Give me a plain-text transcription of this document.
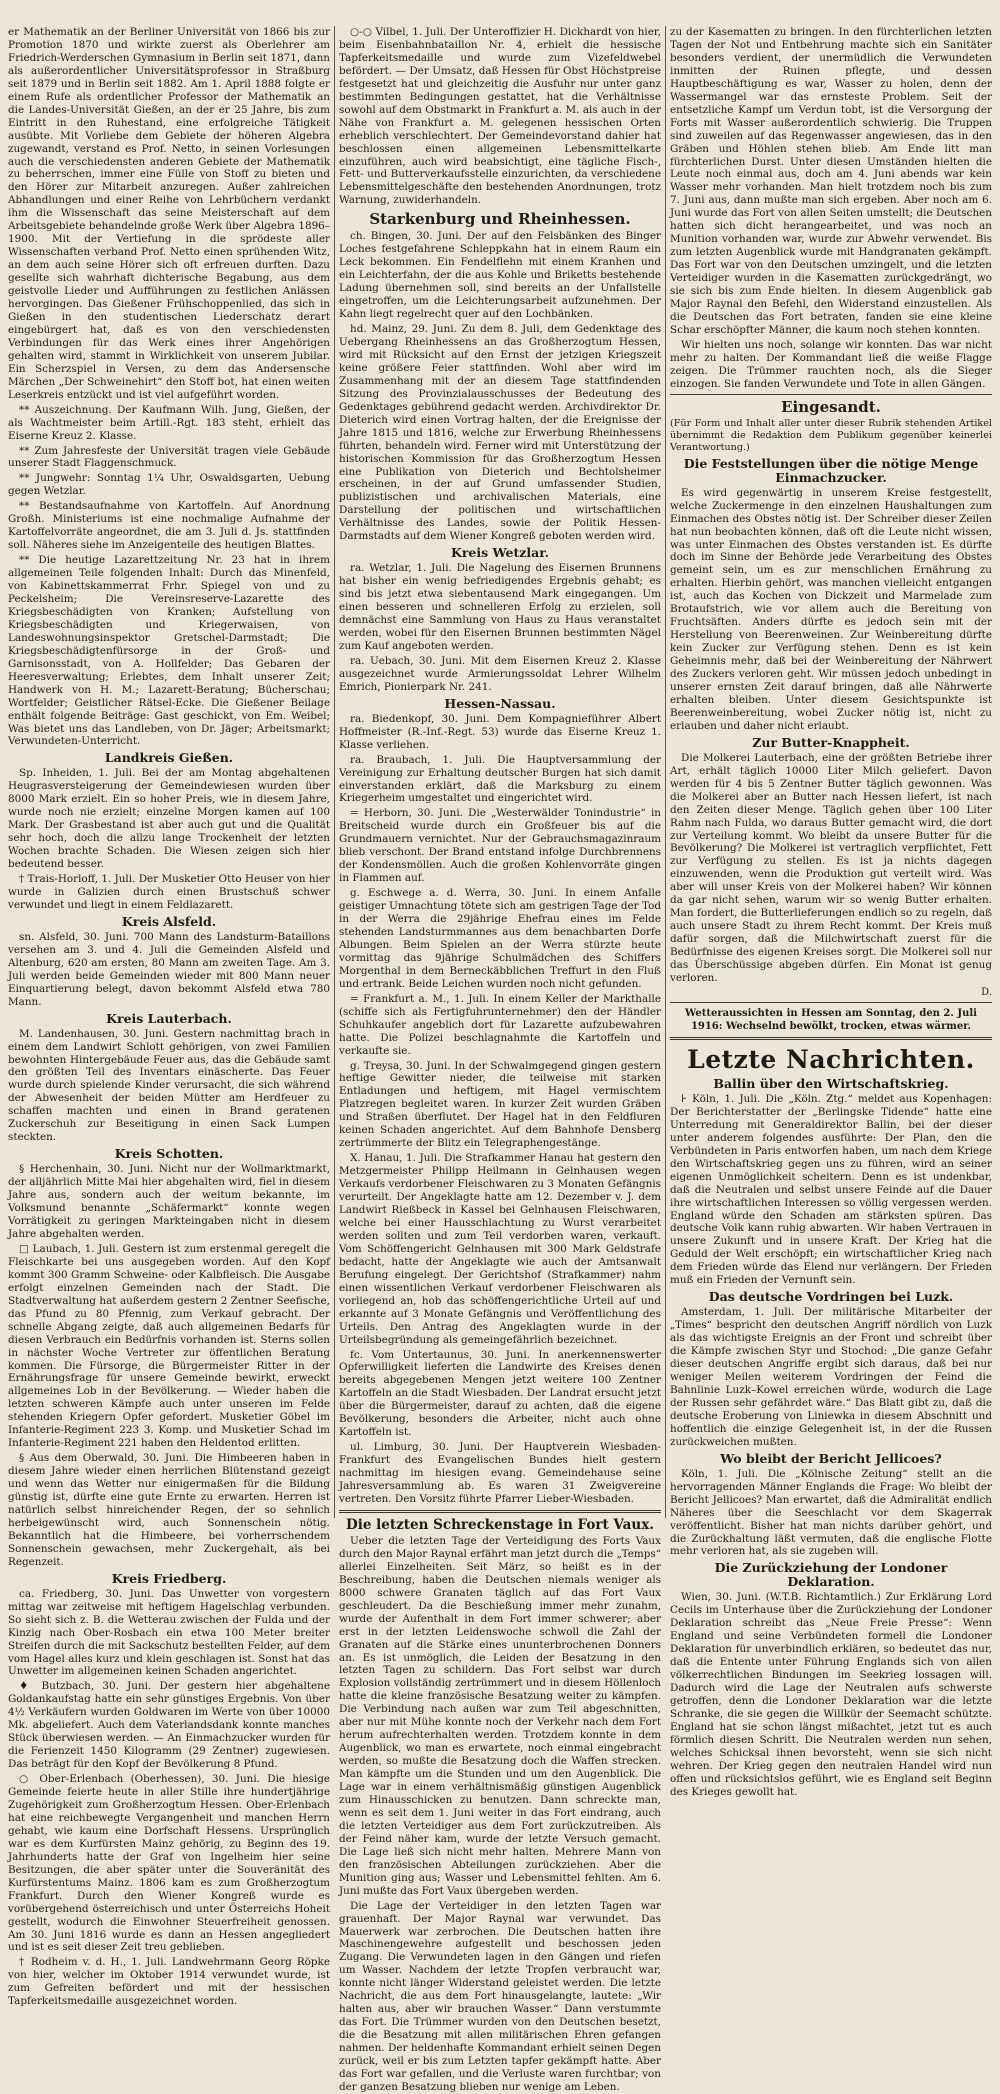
er Mathematik an der Berliner Universität von 1866 bis zur Promotion 1870 und wirkte zuerst als Oberlehrer am Friedrich-Werderschen Gymnasium in Berlin seit 1871, dann als außerordentlicher Universitätsprofessor in Straßburg seit 1879 und in Berlin seit 1882. Am 1. April 1888 folgte er einem Rufe als ordentlicher Professor der Mathematik an die Landes-Universität Gießen, an der er 25 Jahre, bis zum Eintritt in den Ruhestand, eine erfolgreiche Tätigkeit ausübte. Mit Vorliebe dem Gebiete der höheren Algebra zugewandt, verstand es Prof. Netto, in seinen Vorlesungen auch die verschiedensten anderen Gebiete der Mathematik zu beherrschen, immer eine Fülle von Stoff zu bieten und den Hörer zur Mitarbeit anzuregen. Außer zahlreichen Abhandlungen und einer Reihe von Lehrbüchern verdankt ihm die Wissenschaft das seine Meisterschaft auf dem Arbeitsgebiete behandelnde große Werk über Algebra 1896–1900. Mit der Vertiefung in die sprödeste aller Wissenschaften verband Prof. Netto einen sprühenden Witz, an dem auch seine Hörer sich oft erfreuen durften. Dazu gesellte sich wahrhaft dichterische Begabung, aus dem geistvolle Lieder und Aufführungen zu festlichen Anlässen hervorgingen. Das Gießener Frühschoppenlied, das sich in Gießen in den studentischen Liederschatz derart eingebürgert hat, daß es von den verschiedensten Verbindungen für das Werk eines ihrer Angehörigen gehalten wird, stammt in Wirklichkeit von unserem Jubilar. Ein Scherzspiel in Versen, zu dem das Andersensche Märchen „Der Schweinehirt“ den Stoff bot, hat einen weiten Leserkreis entzückt und ist viel aufgeführt worden.

** Auszeichnung. Der Kaufmann Wilh. Jung, Gießen, der als Wachtmeister beim Artill.-Rgt. 183 steht, erhielt das Eiserne Kreuz 2. Klasse.

** Zum Jahresfeste der Universität tragen viele Gebäude unserer Stadt Flaggenschmuck.

** Jungwehr: Sonntag 1¼ Uhr, Oswaldsgarten, Uebung gegen Wetzlar.

** Bestandsaufnahme von Kartoffeln. Auf Anordnung Großh. Ministeriums ist eine nochmalige Aufnahme der Kartoffelvorräte angeordnet, die am 3. Juli d. Js. stattfinden soll. Näheres siehe im Anzeigenteile des heutigen Blattes.

** Die heutige Lazarettzeitung Nr. 23 hat in ihrem allgemeinen Teile folgenden Inhalt: Durch das Minenfeld, von Kabinettskammerrat Frhr. Spiegel von und zu Peckelsheim; Die Vereinsreserve-Lazarette des Kriegsbeschädigten von Kranken; Aufstellung von Kriegsbeschädigten und Kriegerwaisen, von Landeswohnungsinspektor Gretschel-Darmstadt; Die Kriegsbeschädigtenfürsorge in der Groß- und Garnisonsstadt, von A. Hollfelder; Das Gebaren der Heeresverwaltung; Erlebtes, dem Inhalt unserer Zeit; Handwerk von H. M.; Lazarett-Beratung; Bücherschau; Wortfelder; Geistlicher Rätsel-Ecke. Die Gießener Beilage enthält folgende Beiträge: Gast geschickt, von Em. Weibel; Was bietet uns das Landleben, von Dr. Jäger; Arbeitsmarkt; Verwundeten-Unterricht.

Landkreis Gießen.

Sp. Inheiden, 1. Juli. Bei der am Montag abgehaltenen Heugrasversteigerung der Gemeindewiesen wurden über 8000 Mark erzielt. Ein so hoher Preis, wie in diesem Jahre, wurde noch nie erzielt; einzelne Morgen kamen auf 100 Mark. Der Grasbestand ist aber auch gut und die Qualität sehr hoch, doch die allzu lange Trockenheit der letzten Wochen brachte Schaden. Die Wiesen zeigen sich hier bedeutend besser.

† Trais-Horloff, 1. Juli. Der Musketier Otto Heuser von hier wurde in Galizien durch einen Brustschuß schwer verwundet und liegt in einem Feldlazarett.

Kreis Alsfeld.

sn. Alsfeld, 30. Juni. 700 Mann des Landsturm-Bataillons versehen am 3. und 4. Juli die Gemeinden Alsfeld und Altenburg, 620 am ersten, 80 Mann am zweiten Tage. Am 3. Juli werden beide Gemeinden wieder mit 800 Mann neuer Einquartierung belegt, davon bekommt Alsfeld etwa 780 Mann.

Kreis Lauterbach.

M. Landenhausen, 30. Juni. Gestern nachmittag brach in einem dem Landwirt Schlott gehörigen, von zwei Familien bewohnten Hintergebäude Feuer aus, das die Gebäude samt den größten Teil des Inventars einäscherte. Das Feuer wurde durch spielende Kinder verursacht, die sich während der Abwesenheit der beiden Mütter am Herdfeuer zu schaffen machten und einen in Brand geratenen Zuckerschuh zur Beseitigung in einen Sack Lumpen steckten.

Kreis Schotten.

§ Herchenhain, 30. Juni. Nicht nur der Wollmarktmarkt, der alljährlich Mitte Mai hier abgehalten wird, fiel in diesem Jahre aus, sondern auch der weitum bekannte, im Volksmund benannte „Schäfermarkt“ konnte wegen Vorrätigkeit zu geringen Markteingaben nicht in diesem Jahre abgehalten werden.

□ Laubach, 1. Juli. Gestern ist zum erstenmal geregelt die Fleischkarte bei uns ausgegeben worden. Auf den Kopf kommt 300 Gramm Schweine- oder Kalbfleisch. Die Ausgabe erfolgt einzelnen Gemeinden nach der Stadt. Die Stadtverwaltung hat außerdem gestern 2 Zentner Seefische, das Pfund zu 80 Pfennig, zum Verkauf gebracht. Der schnelle Abgang zeigte, daß auch allgemeinen Bedarfs für diesen Verbrauch ein Bedürfnis vorhanden ist. Sterns sollen in nächster Woche Vertreter zur öffentlichen Beratung kommen. Die Fürsorge, die Bürgermeister Ritter in der Ernährungsfrage für unsere Gemeinde bewirkt, erweckt allgemeines Lob in der Bevölkerung. — Wieder haben die letzten schweren Kämpfe auch unter unseren im Felde stehenden Kriegern Opfer gefordert. Musketier Göbel im Infanterie-Regiment 223 3. Komp. und Musketier Schad im Infanterie-Regiment 221 haben den Heldentod erlitten.

§ Aus dem Oberwald, 30. Juni. Die Himbeeren haben in diesem Jahre wieder einen herrlichen Blütenstand gezeigt und wenn das Wetter nur einigermaßen für die Bildung günstig ist, dürfte eine gute Ernte zu erwarten. Herren ist natürlich selbst hinreichender Regen, der so sehnlich herbeigewünscht wird, auch Sonnenschein nötig. Bekanntlich hat die Himbeere, bei vorherrschendem Sonnenschein gewachsen, mehr Zuckergehalt, als bei Regenzeit.

Kreis Friedberg.

ca. Friedberg, 30. Juni. Das Unwetter von vorgestern mittag war zeitweise mit heftigem Hagelschlag verbunden. So sieht sich z. B. die Wetterau zwischen der Fulda und der Kinzig nach Ober-Rosbach ein etwa 100 Meter breiter Streifen durch die mit Sackschutz bestellten Felder, auf dem vom Hagel alles kurz und klein geschlagen ist. Sonst hat das Unwetter im allgemeinen keinen Schaden angerichtet.

♦ Butzbach, 30. Juni. Der gestern hier abgehaltene Goldankaufstag hatte ein sehr günstiges Ergebnis. Von über 4½ Verkäufern wurden Goldwaren im Werte von über 10000 Mk. abgeliefert. Auch dem Vaterlandsdank konnte manches Stück überwiesen werden. — An Einmachzucker wurden für die Ferienzeit 1450 Kilogramm (29 Zentner) zugewiesen. Das beträgt für den Kopf der Bevölkerung 8 Pfund.

○ Ober-Erlenbach (Oberhessen), 30. Juni. Die hiesige Gemeinde feierte heute in aller Stille ihre hundertjährige Zugehörigkeit zum Großherzogtum Hessen. Ober-Erlenbach hat eine reichbewegte Vergangenheit und manchen Herrn gehabt, wie kaum eine Dorfschaft Hessens. Ursprünglich war es dem Kurfürsten Mainz gehörig, zu Beginn des 19. Jahrhunderts hatte der Graf von Ingelheim hier seine Besitzungen, die aber später unter die Souveränität des Kurfürstentums Mainz. 1806 kam es zum Großherzogtum Frankfurt. Durch den Wiener Kongreß wurde es vorübergehend österreichisch und unter Österreichs Hoheit gestellt, wodurch die Einwohner Steuerfreiheit genossen. Am 30. Juni 1816 wurde es dann an Hessen angegliedert und ist es seit dieser Zeit treu geblieben.

† Rodheim v. d. H., 1. Juli. Landwehrmann Georg Röpke von hier, welcher im Oktober 1914 verwundet wurde, ist zum Gefreiten befördert und mit der hessischen Tapferkeitsmedaille ausgezeichnet worden.

○-○ Vilbel, 1. Juli. Der Unteroffizier H. Dickhardt von hier, beim Eisenbahnbataillon Nr. 4, erhielt die hessische Tapferkeitsmedaille und wurde zum Vizefeldwebel befördert. — Der Umsatz, daß Hessen für Obst Höchstpreise festgesetzt hat und gleichzeitig die Ausfuhr nur unter ganz bestimmten Bedingungen gestattet, hat die Verhältnisse sowohl auf dem Obstmarkt in Frankfurt a. M. als auch in der Nähe von Frankfurt a. M. gelegenen hessischen Orten erheblich verschlechtert. Der Gemeindevorstand dahier hat beschlossen einen allgemeinen Lebensmittelkarte einzuführen, auch wird beabsichtigt, eine tägliche Fisch-, Fett- und Butterverkaufsstelle einzurichten, da verschiedene Lebensmittelgeschäfte den bestehenden Anordnungen, trotz Warnung, zuwiderhandeln.

Starkenburg und Rheinhessen.

ch. Bingen, 30. Juni. Der auf den Felsbänken des Binger Loches festgefahrene Schleppkahn hat in einem Raum ein Leck bekommen. Ein Fendelflehn mit einem Kranhen und ein Leichterfahn, der die aus Kohle und Briketts bestehende Ladung übernehmen soll, sind bereits an der Unfallstelle eingetroffen, um die Leichterungsarbeit aufzunehmen. Der Kahn liegt regelrecht quer auf den Lochbänken.

hd. Mainz, 29. Juni. Zu dem 8. Juli, dem Gedenktage des Uebergang Rheinhessens an das Großherzogtum Hessen, wird mit Rücksicht auf den Ernst der jetzigen Kriegszeit keine größere Feier stattfinden. Wohl aber wird im Zusammenhang mit der an diesem Tage stattfindenden Sitzung des Provinzialausschusses der Bedeutung des Gedenktages gebührend gedacht werden. Archivdirektor Dr. Dieterich wird einen Vortrag halten, der die Ereignisse der Jahre 1815 und 1816, welche zur Erwerbung Rheinhessens führten, behandeln wird. Ferner wird mit Unterstützung der historischen Kommission für das Großherzogtum Hessen eine Publikation von Dieterich und Bechtolsheimer erscheinen, in der auf Grund umfassender Studien, publizistischen und archivalischen Materials, eine Darstellung der politischen und wirtschaftlichen Verhältnisse des Landes, sowie der Politik Hessen-Darmstadts auf dem Wiener Kongreß geboten werden wird.

Kreis Wetzlar.

ra. Wetzlar, 1. Juli. Die Nagelung des Eisernen Brunnens hat bisher ein wenig befriedigendes Ergebnis gehabt; es sind bis jetzt etwa siebentausend Mark eingegangen. Um einen besseren und schnelleren Erfolg zu erzielen, soll demnächst eine Sammlung von Haus zu Haus veranstaltet werden, wobei für den Eisernen Brunnen bestimmten Nägel zum Kauf angeboten werden.

ra. Uebach, 30. Juni. Mit dem Eisernen Kreuz 2. Klasse ausgezeichnet wurde Armierungssoldat Lehrer Wilhelm Emrich, Pionierpark Nr. 241.

Hessen-Nassau.

ra. Biedenkopf, 30. Juni. Dem Kompagnieführer Albert Hoffmeister (R.-Inf.-Regt. 53) wurde das Eiserne Kreuz 1. Klasse verliehen.

ra. Braubach, 1. Juli. Die Hauptversammlung der Vereinigung zur Erhaltung deutscher Burgen hat sich damit einverstanden erklärt, daß die Marksburg zu einem Kriegerheim umgestaltet und eingerichtet wird.

= Herborn, 30. Juni. Die „Westerwälder Tonindustrie“ in Breitscheid wurde durch ein Großfeuer bis auf die Grundmauern vernichtet. Nur der Gebrauchsmagazinraum blieb verschont. Der Brand entstand infolge Durchbrennens der Kondensmöllen. Auch die großen Kohlenvorräte gingen in Flammen auf.

g. Eschwege a. d. Werra, 30. Juni. In einem Anfalle geistiger Umnachtung tötete sich am gestrigen Tage der Tod in der Werra die 29jährige Ehefrau eines im Felde stehenden Landsturmmannes aus dem benachbarten Dorfe Albungen. Beim Spielen an der Werra stürzte heute vormittag das 9jährige Schulmädchen des Schiffers Morgenthal in dem Berneckäbblichen Treffurt in den Fluß und ertrank. Beide Leichen wurden noch nicht gefunden.

= Frankfurt a. M., 1. Juli. In einem Keller der Markthalle (schiffe sich als Fertigfuhrunternehmer) den der Händler Schuhkaufer angeblich dort für Lazarette aufzubewahren hatte. Die Polizei beschlagnahmte die Kartoffeln und verkaufte sie.

g. Treysa, 30. Juni. In der Schwalmgegend gingen gestern heftige Gewitter nieder, die teilweise mit starken Entladungen und heftigem, mit Hagel vermischtem Platzregen begleitet waren. In kurzer Zeit wurden Gräben und Straßen überflutet. Der Hagel hat in den Feldfluren keinen Schaden angerichtet. Auf dem Bahnhofe Densberg zertrümmerte der Blitz ein Telegraphengestänge.

X. Hanau, 1. Juli. Die Strafkammer Hanau hat gestern den Metzgermeister Philipp Heilmann in Gelnhausen wegen Verkaufs verdorbener Fleischwaren zu 3 Monaten Gefängnis verurteilt. Der Angeklagte hatte am 12. Dezember v. J. dem Landwirt Rießbeck in Kassel bei Gelnhausen Fleischwaren, welche bei einer Hausschlachtung zu Wurst verarbeitet werden sollten und zum Teil verdorben waren, verkauft. Vom Schöffengericht Gelnhausen mit 300 Mark Geldstrafe bedacht, hatte der Angeklagte wie auch der Amtsanwalt Berufung eingelegt. Der Gerichtshof (Strafkammer) nahm einen wissentlichen Verkauf verdorbener Fleischwaren als vorliegend an, hob das schöffengerichtliche Urteil auf und erkannte auf 3 Monate Gefängnis und Veröffentlichung des Urteils. Den Antrag des Angeklagten wurde in der Urteilsbegründung als gemeingefährlich bezeichnet.

fc. Vom Untertaunus, 30. Juni. In anerkennenswerter Opferwilligkeit lieferten die Landwirte des Kreises denen bereits abgegebenen Mengen jetzt weitere 100 Zentner Kartoffeln an die Stadt Wiesbaden. Der Landrat ersucht jetzt über die Bürgermeister, darauf zu achten, daß die eigene Bevölkerung, besonders die Arbeiter, nicht auch ohne Kartoffeln ist.

ul. Limburg, 30. Juni. Der Hauptverein Wiesbaden-Frankfurt des Evangelischen Bundes hielt gestern nachmittag im hiesigen evang. Gemeindehause seine Jahresversammlung ab. Es waren 31 Zweigvereine vertreten. Den Vorsitz führte Pfarrer Lieber-Wiesbaden.

Die letzten Schreckenstage in Fort Vaux.

Ueber die letzten Tage der Verteidigung des Forts Vaux durch den Major Raynal erfährt man jetzt durch die „Temps“ allerlei Einzelheiten. Seit März, so heißt es in der Beschreibung, haben die Deutschen niemals weniger als 8000 schwere Granaten täglich auf das Fort Vaux geschleudert. Da die Beschießung immer mehr zunahm, wurde der Aufenthalt in dem Fort immer schwerer; aber erst in der letzten Leidenswoche schwoll die Zahl der Granaten auf die Stärke eines ununterbrochenen Donners an. Es ist unmöglich, die Leiden der Besatzung in den letzten Tagen zu schildern. Das Fort selbst war durch Explosion vollständig zertrümmert und in diesem Höllenloch hatte die kleine französische Besatzung weiter zu kämpfen. Die Verbindung nach außen war zum Teil abgeschnitten, aber nur mit Mühe konnte noch der Verkehr nach dem Fort herum aufrechterhalten werden. Trotzdem konnte in dem Augenblick, wo man es erwartete, noch einmal eingebracht werden, so mußte die Besatzung doch die Waffen strecken. Man kämpfte um die Stunden und um den Augenblick. Die Lage war in einem verhältnismäßig günstigen Augenblick zum Hinausschicken zu benutzen. Dann schreckte man, wenn es seit dem 1. Juni weiter in das Fort eindrang, auch die letzten Verteidiger aus dem Fort zurückzutreiben. Als der Feind näher kam, wurde der letzte Versuch gemacht. Die Lage ließ sich nicht mehr halten. Mehrere Mann von den französischen Abteilungen zurückziehen. Aber die Munition ging aus; Wasser und Lebensmittel fehlten. Am 6. Juni mußte das Fort Vaux übergeben werden.

Die Lage der Verteidiger in den letzten Tagen war grauenhaft. Der Major Raynal war verwundet. Das Mauerwerk war zerbrochen. Die Deutschen hatten ihre Maschinengewehre aufgestellt und beschossen jeden Zugang. Die Verwundeten lagen in den Gängen und riefen um Wasser. Nachdem der letzte Tropfen verbraucht war, konnte nicht länger Widerstand geleistet werden. Die letzte Nachricht, die aus dem Fort hinausgelangte, lautete: „Wir halten aus, aber wir brauchen Wasser.“ Dann verstummte das Fort. Die Trümmer wurden von den Deutschen besetzt, die die Besatzung mit allen militärischen Ehren gefangen nahmen. Der heldenhafte Kommandant erhielt seinen Degen zurück, weil er bis zum Letzten tapfer gekämpft hatte. Aber das Fort war gefallen, und die Verluste waren furchtbar; von der ganzen Besatzung blieben nur wenige am Leben.

zu der Kasematten zu bringen. In den fürchterlichen letzten Tagen der Not und Entbehrung machte sich ein Sanitäter besonders verdient, der unermüdlich die Verwundeten inmitten der Ruinen pflegte, und dessen Hauptbeschäftigung es war, Wasser zu holen, denn der Wassermangel war das ernsteste Problem. Seit der entsetzliche Kampf um Verdun tobt, ist die Versorgung der Forts mit Wasser außerordentlich schwierig. Die Truppen sind zuweilen auf das Regenwasser angewiesen, das in den Gräben und Höhlen stehen blieb. Am Ende litt man fürchterlichen Durst. Unter diesen Umständen hielten die Leute noch einmal aus, doch am 4. Juni abends war kein Wasser mehr vorhanden. Man hielt trotzdem noch bis zum 7. Juni aus, dann mußte man sich ergeben. Aber noch am 6. Juni wurde das Fort von allen Seiten umstellt; die Deutschen hatten sich dicht herangearbeitet, und was noch an Munition vorhanden war, wurde zur Abwehr verwendet. Bis zum letzten Augenblick wurde mit Handgranaten gekämpft. Das Fort war von den Deutschen umzingelt, und die letzten Verteidiger wurden in die Kasematten zurückgedrängt, wo sie sich bis zum Ende hielten. In diesem Augenblick gab Major Raynal den Befehl, den Widerstand einzustellen. Als die Deutschen das Fort betraten, fanden sie eine kleine Schar erschöpfter Männer, die kaum noch stehen konnten.

Wir hielten uns noch, solange wir konnten. Das war nicht mehr zu halten. Der Kommandant ließ die weiße Flagge zeigen. Die Trümmer rauchten noch, als die Sieger einzogen. Sie fanden Verwundete und Tote in allen Gängen.

Eingesandt.

(Für Form und Inhalt aller unter dieser Rubrik stehenden Artikel übernimmt die Redaktion dem Publikum gegenüber keinerlei Verantwortung.)

Die Feststellungen über die nötige Menge Einmachzucker.

Es wird gegenwärtig in unserem Kreise festgestellt, welche Zuckermenge in den einzelnen Haushaltungen zum Einmachen des Obstes nötig ist. Der Schreiber dieser Zeilen hat nun beobachten können, daß oft die Leute nicht wissen, was unter Einmachen des Obstes verstanden ist. Es dürfte doch im Sinne der Behörde jede Verarbeitung des Obstes gemeint sein, um es zur menschlichen Ernährung zu erhalten. Hierbin gehört, was manchen vielleicht entgangen ist, auch das Kochen von Dickzeit und Marmelade zum Brotaufstrich, wie vor allem auch die Bereitung von Fruchtsäften. Anders dürfte es jedoch sein mit der Herstellung von Beerenweinen. Zur Weinbereitung dürfte kein Zucker zur Verfügung stehen. Denn es ist kein Geheimnis mehr, daß bei der Weinbereitung der Nährwert des Zuckers verloren geht. Wir müssen jedoch unbedingt in unserer ernsten Zeit darauf bringen, daß alle Nährwerte erhalten bleiben. Unter diesem Gesichtspunkte ist Beerenweinbereitung, wobei Zucker nötig ist, nicht zu erlauben und daher nicht erlaubt.

Zur Butter-Knappheit.

Die Molkerei Lauterbach, eine der größten Betriebe ihrer Art, erhält täglich 10000 Liter Milch geliefert. Davon werden für 4 bis 5 Zentner Butter täglich gewonnen. Was die Molkerei aber an Butter nach Hessen liefert, ist nach den Zeiten dieser Menge. Täglich gehen über 100 Liter Rahm nach Fulda, wo daraus Butter gemacht wird, die dort zur Verteilung kommt. Wo bleibt da unsere Butter für die Bevölkerung? Die Molkerei ist vertraglich verpflichtet, Fett zur Verfügung zu stellen. Es ist ja nichts dagegen einzuwenden, wenn die Produktion gut verteilt wird. Was aber will unser Kreis von der Molkerei haben? Wir können da gar nicht sehen, warum wir so wenig Butter erhalten. Man fordert, die Butterlieferungen endlich so zu regeln, daß auch unsere Stadt zu ihrem Recht kommt. Der Kreis muß dafür sorgen, daß die Milchwirtschaft zuerst für die Bedürfnisse des eigenen Kreises sorgt. Die Molkerei soll nur das Überschüssige abgeben dürfen. Ein Monat ist genug verloren.

D.

Wetteraussichten in Hessen am Sonntag, den 2. Juli 1916: Wechselnd bewölkt, trocken, etwas wärmer.

Letzte Nachrichten.
Ballin über den Wirtschaftskrieg.

⊦ Köln, 1. Juli. Die „Köln. Ztg.“ meldet aus Kopenhagen: Der Berichterstatter der „Berlingske Tidende“ hatte eine Unterredung mit Generaldirektor Ballin, bei der dieser unter anderem folgendes ausführte: Der Plan, den die Verbündeten in Paris entworfen haben, um nach dem Kriege den Wirtschaftskrieg gegen uns zu führen, wird an seiner eigenen Unmöglichkeit scheitern. Denn es ist undenkbar, daß die Neutralen und selbst unsere Feinde auf die Dauer ihre wirtschaftlichen Interessen so völlig vergessen werden. England würde den Schaden am stärksten spüren. Das deutsche Volk kann ruhig abwarten. Wir haben Vertrauen in unsere Zukunft und in unsere Kraft. Der Krieg hat die Geduld der Welt erschöpft; ein wirtschaftlicher Krieg nach dem Frieden würde das Elend nur verlängern. Der Frieden muß ein Frieden der Vernunft sein.

Das deutsche Vordringen bei Luzk.

Amsterdam, 1. Juli. Der militärische Mitarbeiter der „Times“ bespricht den deutschen Angriff nördlich von Luzk als das wichtigste Ereignis an der Front und schreibt über die Kämpfe zwischen Styr und Stochod: „Die ganze Gefahr dieser deutschen Angriffe ergibt sich daraus, daß bei nur weniger Meilen weiterem Vordringen der Feind die Bahnlinie Luzk–Kowel erreichen würde, wodurch die Lage der Russen sehr gefährdet wäre.“ Das Blatt gibt zu, daß die deutsche Eroberung von Liniewka in diesem Abschnitt und hoffentlich die einzige Gelegenheit ist, in der die Russen zurückweichen mußten.

Wo bleibt der Bericht Jellicoes?

Köln, 1. Juli. Die „Kölnische Zeitung“ stellt an die hervorragenden Männer Englands die Frage: Wo bleibt der Bericht Jellicoes? Man erwartet, daß die Admiralität endlich Näheres über die Seeschlacht vor dem Skagerrak veröffentlicht. Bisher hat man nichts darüber gehört, und die Zurückhaltung läßt vermuten, daß die englische Flotte mehr verloren hat, als sie zugeben will.

Die Zurückziehung der Londoner Deklaration.

Wien, 30. Juni. (W.T.B. Richtamtlich.) Zur Erklärung Lord Cecils im Unterhause über die Zurückziehung der Londoner Deklaration schreibt das „Neue Freie Presse“: Wenn England und seine Verbündeten formell die Londoner Deklaration für unverbindlich erklären, so bedeutet das nur, daß die Entente unter Führung Englands sich von allen völkerrechtlichen Bindungen im Seekrieg lossagen will. Dadurch wird die Lage der Neutralen aufs schwerste getroffen, denn die Londoner Deklaration war die letzte Schranke, die sie gegen die Willkür der Seemacht schützte. England hat sie schon längst mißachtet, jetzt tut es auch förmlich diesen Schritt. Die Neutralen werden nun sehen, welches Schicksal ihnen bevorsteht, wenn sie sich nicht wehren. Der Krieg gegen den neutralen Handel wird nun offen und rücksichtslos geführt, wie es England seit Beginn des Krieges gewollt hat.
